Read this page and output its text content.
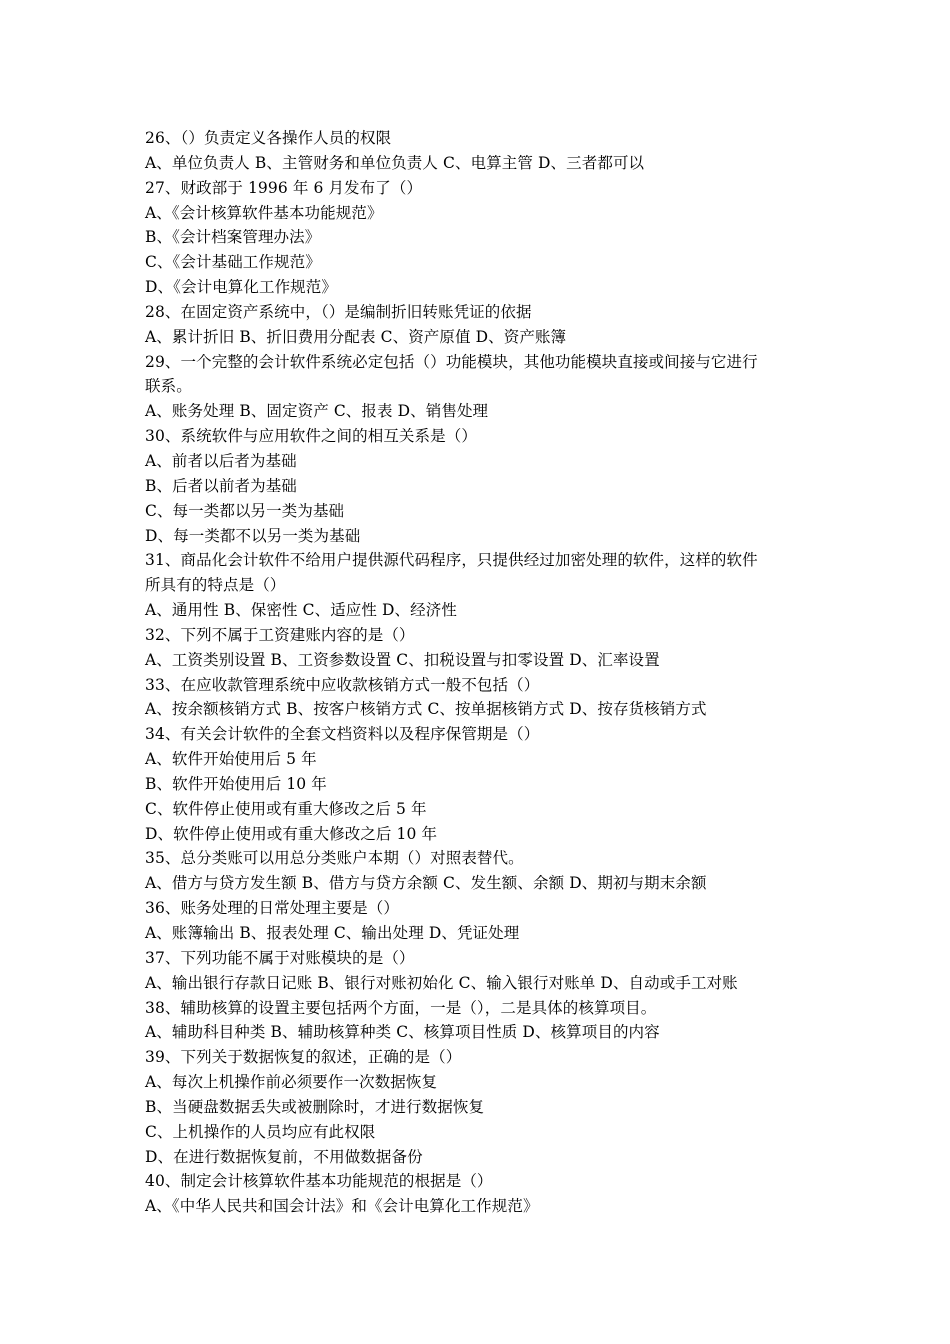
26、（）负责定义各操作人员的权限
A、单位负责人 B、主管财务和单位负责人 C、电算主管 D、三者都可以
27、财政部于 1996 年 6 月发布了（）
A、《会计核算软件基本功能规范》
B、《会计档案管理办法》
C、《会计基础工作规范》
D、《会计电算化工作规范》
28、在固定资产系统中，（）是编制折旧转账凭证的依据
A、累计折旧 B、折旧费用分配表 C、资产原值 D、资产账簿
29、一个完整的会计软件系统必定包括（）功能模块，其他功能模块直接或间接与它进行
联系。
A、账务处理 B、固定资产 C、报表 D、销售处理
30、系统软件与应用软件之间的相互关系是（）
A、前者以后者为基础
B、后者以前者为基础
C、每一类都以另一类为基础
D、每一类都不以另一类为基础
31、商品化会计软件不给用户提供源代码程序，只提供经过加密处理的软件，这样的软件
所具有的特点是（）
A、通用性 B、保密性 C、适应性 D、经济性
32、下列不属于工资建账内容的是（）
A、工资类别设置 B、工资参数设置 C、扣税设置与扣零设置 D、汇率设置
33、在应收款管理系统中应收款核销方式一般不包括（）
A、按余额核销方式 B、按客户核销方式 C、按单据核销方式 D、按存货核销方式
34、有关会计软件的全套文档资料以及程序保管期是（）
A、软件开始使用后 5 年
B、软件开始使用后 10 年
C、软件停止使用或有重大修改之后 5 年
D、软件停止使用或有重大修改之后 10 年
35、总分类账可以用总分类账户本期（）对照表替代。
A、借方与贷方发生额 B、借方与贷方余额 C、发生额、余额 D、期初与期末余额
36、账务处理的日常处理主要是（）
A、账簿输出 B、报表处理 C、输出处理 D、凭证处理
37、下列功能不属于对账模块的是（）
A、输出银行存款日记账 B、银行对账初始化 C、输入银行对账单 D、自动或手工对账
38、辅助核算的设置主要包括两个方面，一是（），二是具体的核算项目。
A、辅助科目种类 B、辅助核算种类 C、核算项目性质 D、核算项目的内容
39、下列关于数据恢复的叙述，正确的是（）
A、每次上机操作前必须要作一次数据恢复
B、当硬盘数据丢失或被删除时，才进行数据恢复
C、上机操作的人员均应有此权限
D、在进行数据恢复前，不用做数据备份
40、制定会计核算软件基本功能规范的根据是（）
A、《中华人民共和国会计法》和《会计电算化工作规范》
